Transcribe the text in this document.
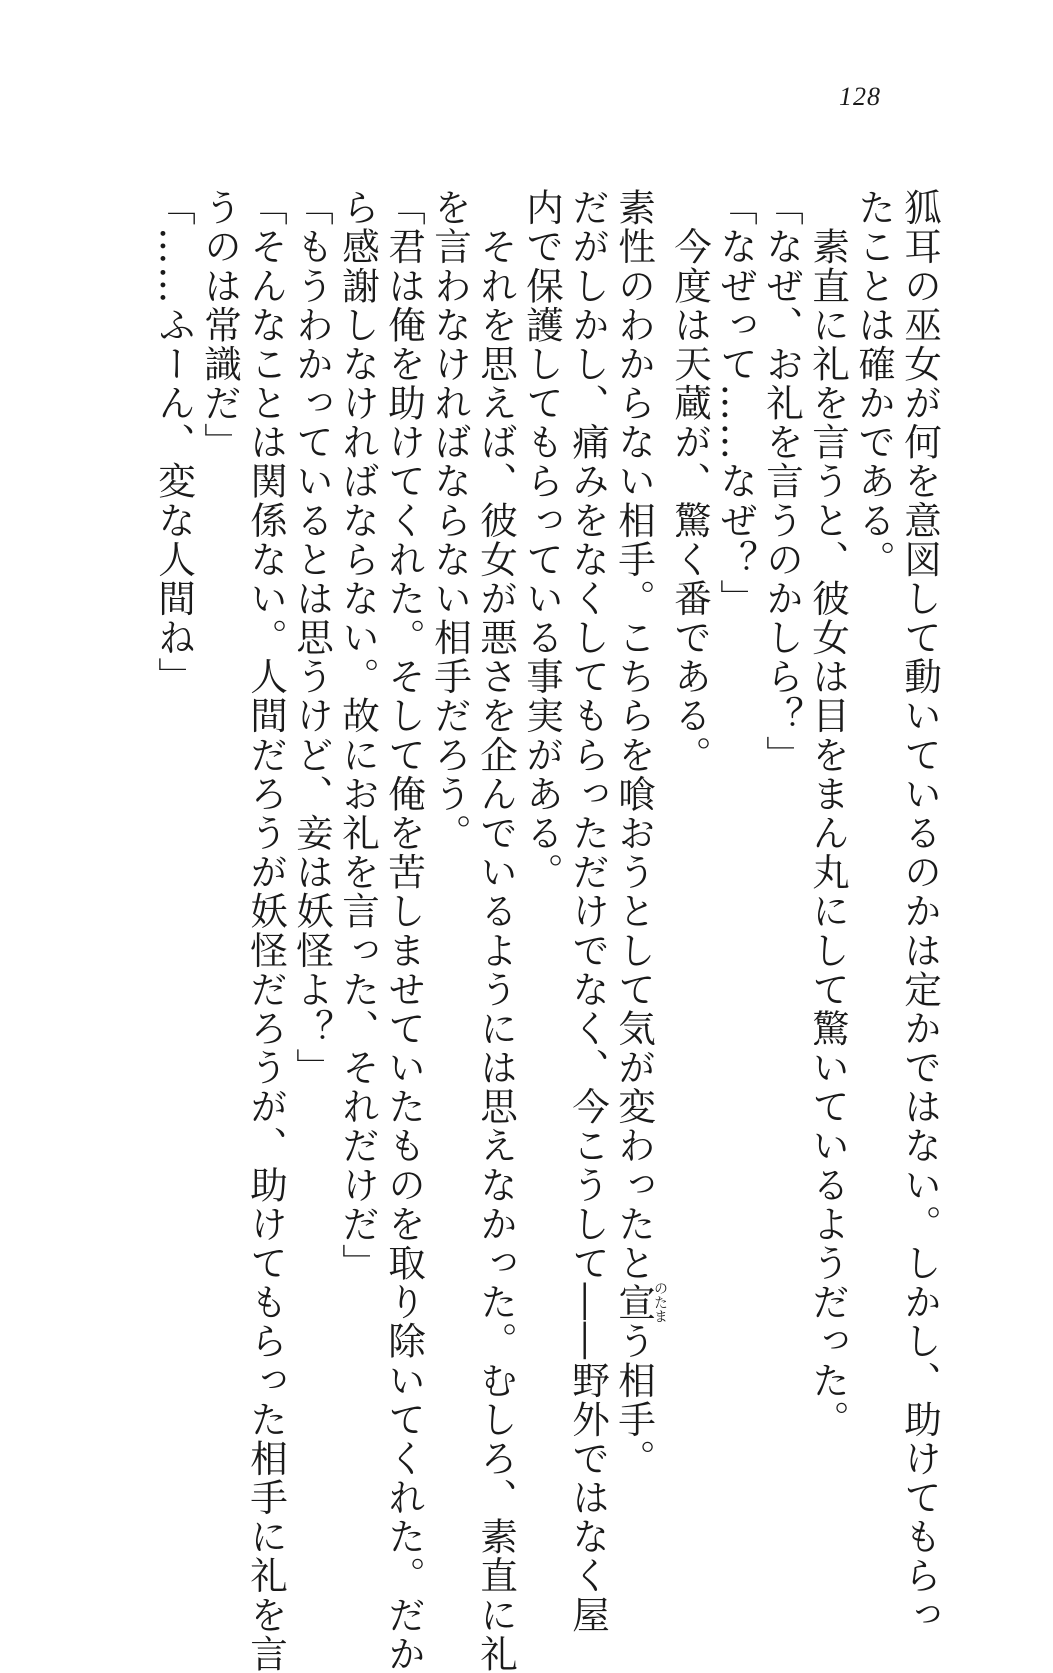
128
狐耳の巫女が何を意図して動いているのかは定かではない。しかし、助けてもらっ
たことは確かである。
　素直に礼を言うと、彼女は目をまん丸にして驚いているようだった。
「なぜ、お礼を言うのかしら？」
「なぜって……なぜ？」
　今度は天蔵が、驚く番である。
素性のわからない相手。こちらを喰おうとして気が変わったと宣のたまう相手。
だがしかし、痛みをなくしてもらっただけでなく、今こうして――野外ではなく屋
内で保護してもらっている事実がある。
　それを思えば、彼女が悪さを企んでいるようには思えなかった。むしろ、素直に礼
を言わなければならない相手だろう。
「君は俺を助けてくれた。そして俺を苦しませていたものを取り除いてくれた。だか
ら感謝しなければならない。故にお礼を言った、それだけだ」
「もうわかっているとは思うけど、妾は妖怪よ？」
「そんなことは関係ない。人間だろうが妖怪だろうが、助けてもらった相手に礼を言
うのは常識だ」
「……ふーん、変な人間ね」
